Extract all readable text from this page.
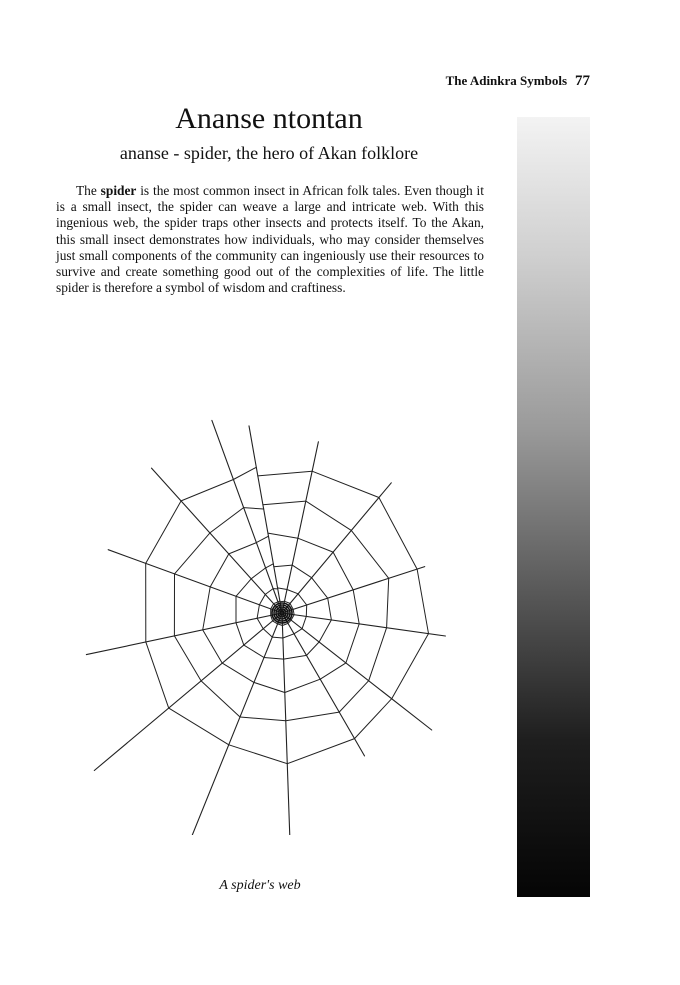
The Adinkra Symbols 77
Ananse ntontan

ananse - spider, the hero of Akan folklore

The spider is the most common insect in African folk tales. Even though it is a small insect, the spider can weave a large and intricate web. With this ingenious web, the spider traps other insects and protects itself. To the Akan, this small insect demonstrates how individuals, who may consider themselves just small components of the community can ingeniously use their resources to survive and create something good out of the complexities of life. The little spider is therefore a symbol of wisdom and craftiness.

A spider's web
